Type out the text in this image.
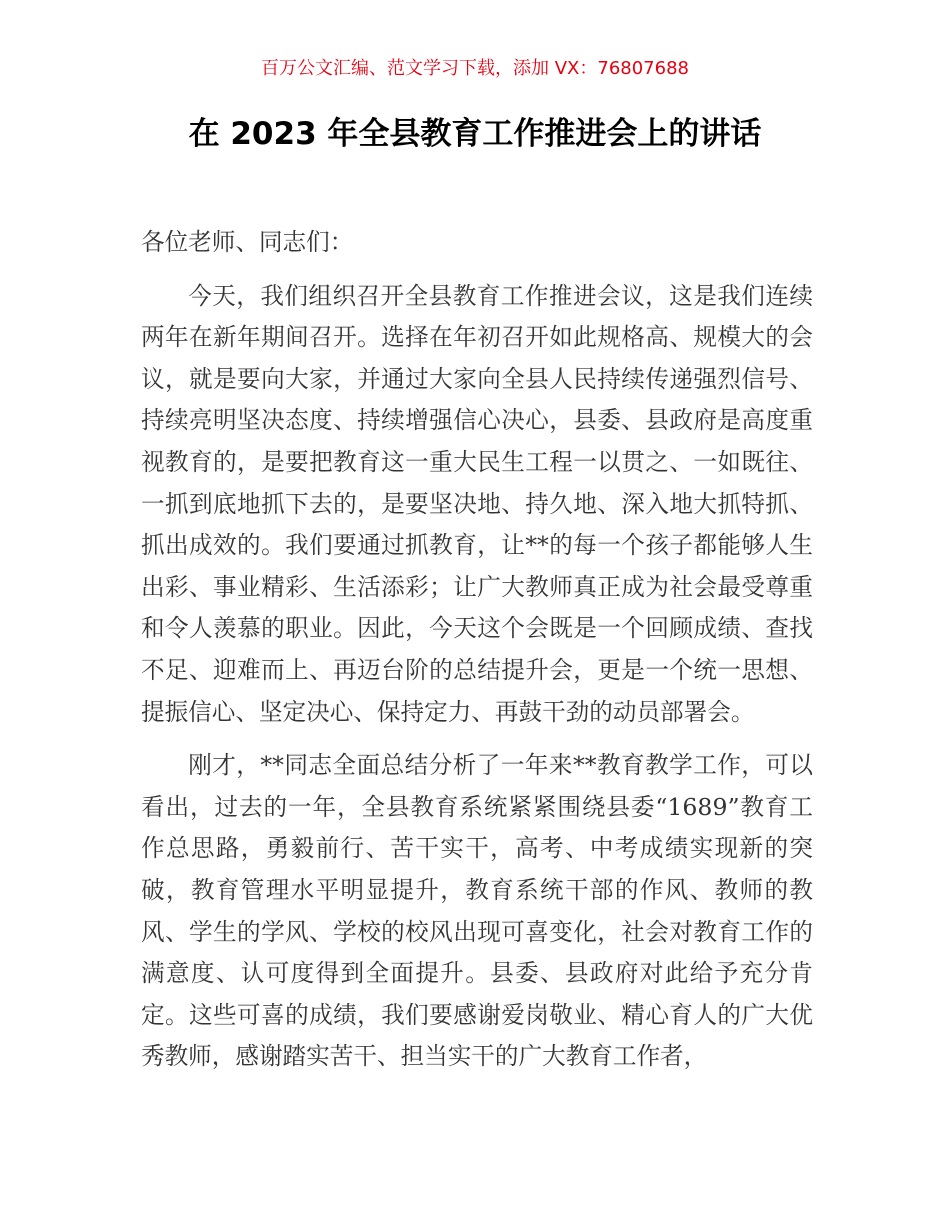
百万公文汇编、范文学习下载，添加 VX：76807688
在 2023 年全县教育工作推进会上的讲话

各位老师、同志们：

今天，我们组织召开全县教育工作推进会议，这是我们连续两年在新年期间召开。选择在年初召开如此规格高、规模大的会议，就是要向大家，并通过大家向全县人民持续传递强烈信号、持续亮明坚决态度、持续增强信心决心，县委、县政府是高度重视教育的，是要把教育这一重大民生工程一以贯之、一如既往、一抓到底地抓下去的，是要坚决地、持久地、深入地大抓特抓、抓出成效的。我们要通过抓教育，让**的每一个孩子都能够人生出彩、事业精彩、生活添彩；让广大教师真正成为社会最受尊重和令人羡慕的职业。因此，今天这个会既是一个回顾成绩、查找不足、迎难而上、再迈台阶的总结提升会，更是一个统一思想、提振信心、坚定决心、保持定力、再鼓干劲的动员部署会。

刚才，**同志全面总结分析了一年来**教育教学工作，可以看出，过去的一年，全县教育系统紧紧围绕县委“1689”教育工作总思路，勇毅前行、苦干实干，高考、中考成绩实现新的突破，教育管理水平明显提升，教育系统干部的作风、教师的教风、学生的学风、学校的校风出现可喜变化，社会对教育工作的满意度、认可度得到全面提升。县委、县政府对此给予充分肯定。这些可喜的成绩，我们要感谢爱岗敬业、精心育人的广大优秀教师，感谢踏实苦干、担当实干的广大教育工作者，
